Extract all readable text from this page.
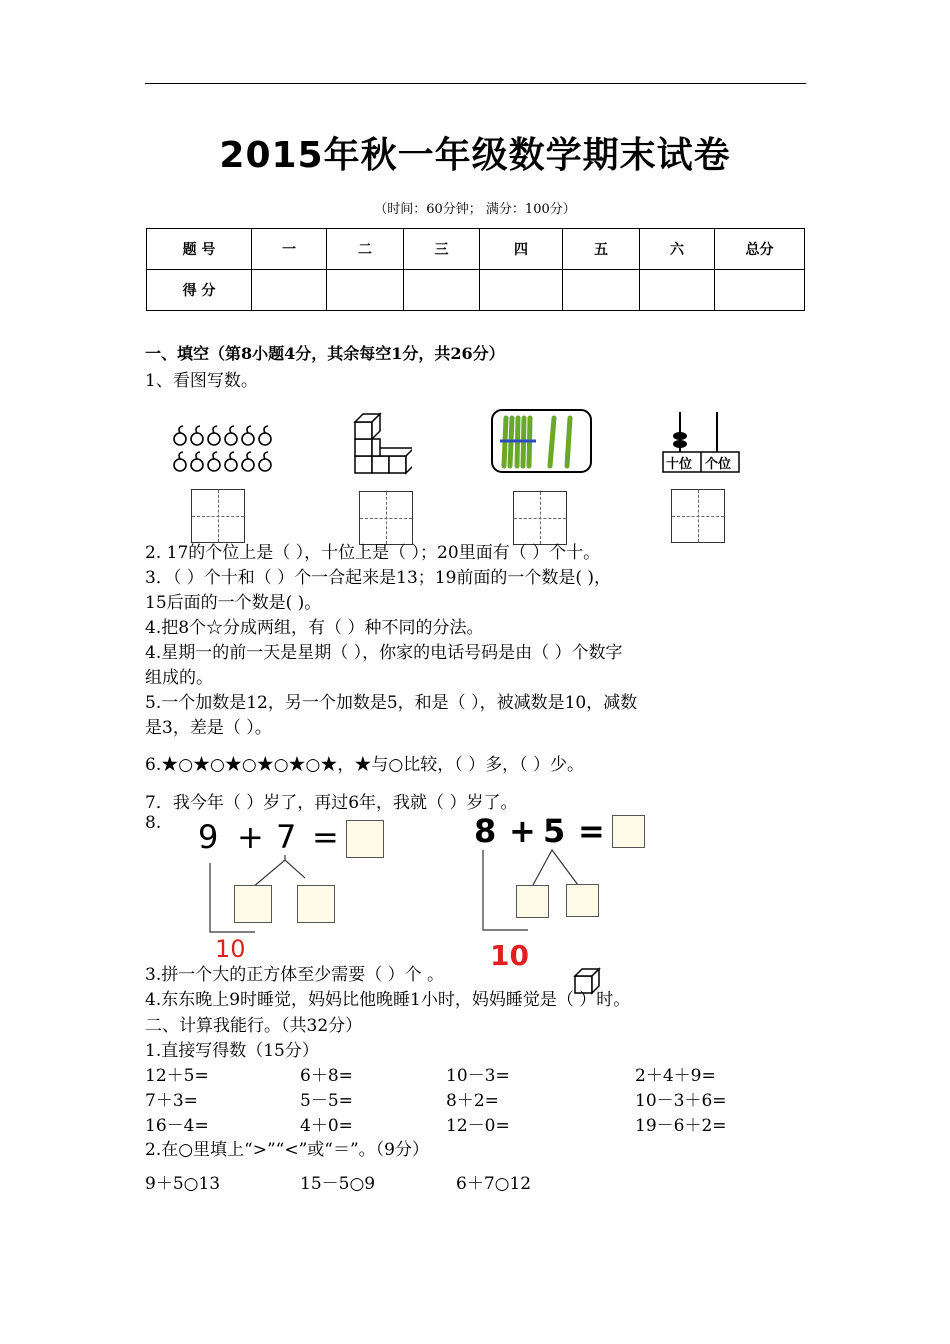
2015年秋一年级数学期末试卷
（时间：60分钟； 满分：100分）
题 号	一	二	三	四	五	六	总分
得 分							
一、填空（第8小题4分，其余每空1分，共26分）
1、看图写数。
十位 个位
2. 17的个位上是（ ），十位上是（ ）；20里面有（ ）个十。
3．（ ）个十和（ ）个一合起来是13；19前面的一个数是( )，
15后面的一个数是( )。
4.把8个☆分成两组，有（ ）种不同的分法。
4.星期一的前一天是星期（ ），你家的电话号码是由（ ）个数字
组成的。
5.一个加数是12，另一个加数是5，和是（ ），被减数是10，减数
是3，差是（ ）。
6.★○★○★○★○★○★，★与○比较，（ ）多，（ ）少。
7．我今年（ ）岁了，再过6年，我就（ ）岁了。
8. 9 + 7 =
10
8 + 5 =
10
3.拼一个大的正方体至少需要（ ）个 。
4.东东晚上9时睡觉，妈妈比他晚睡1小时，妈妈睡觉是（ ）时。
二、计算我能行。（共32分）
1.直接写得数（15分）
12＋5=	6＋8=	10－3=	2＋4＋9=
7＋3=	5－5=	8＋2=	10－3＋6=
16－4=	4＋0=	12－0=	19－6＋2=
2.在○里填上“>”“<”或“＝”。（9分）
9＋5○13	15－5○9	6＋7○12
